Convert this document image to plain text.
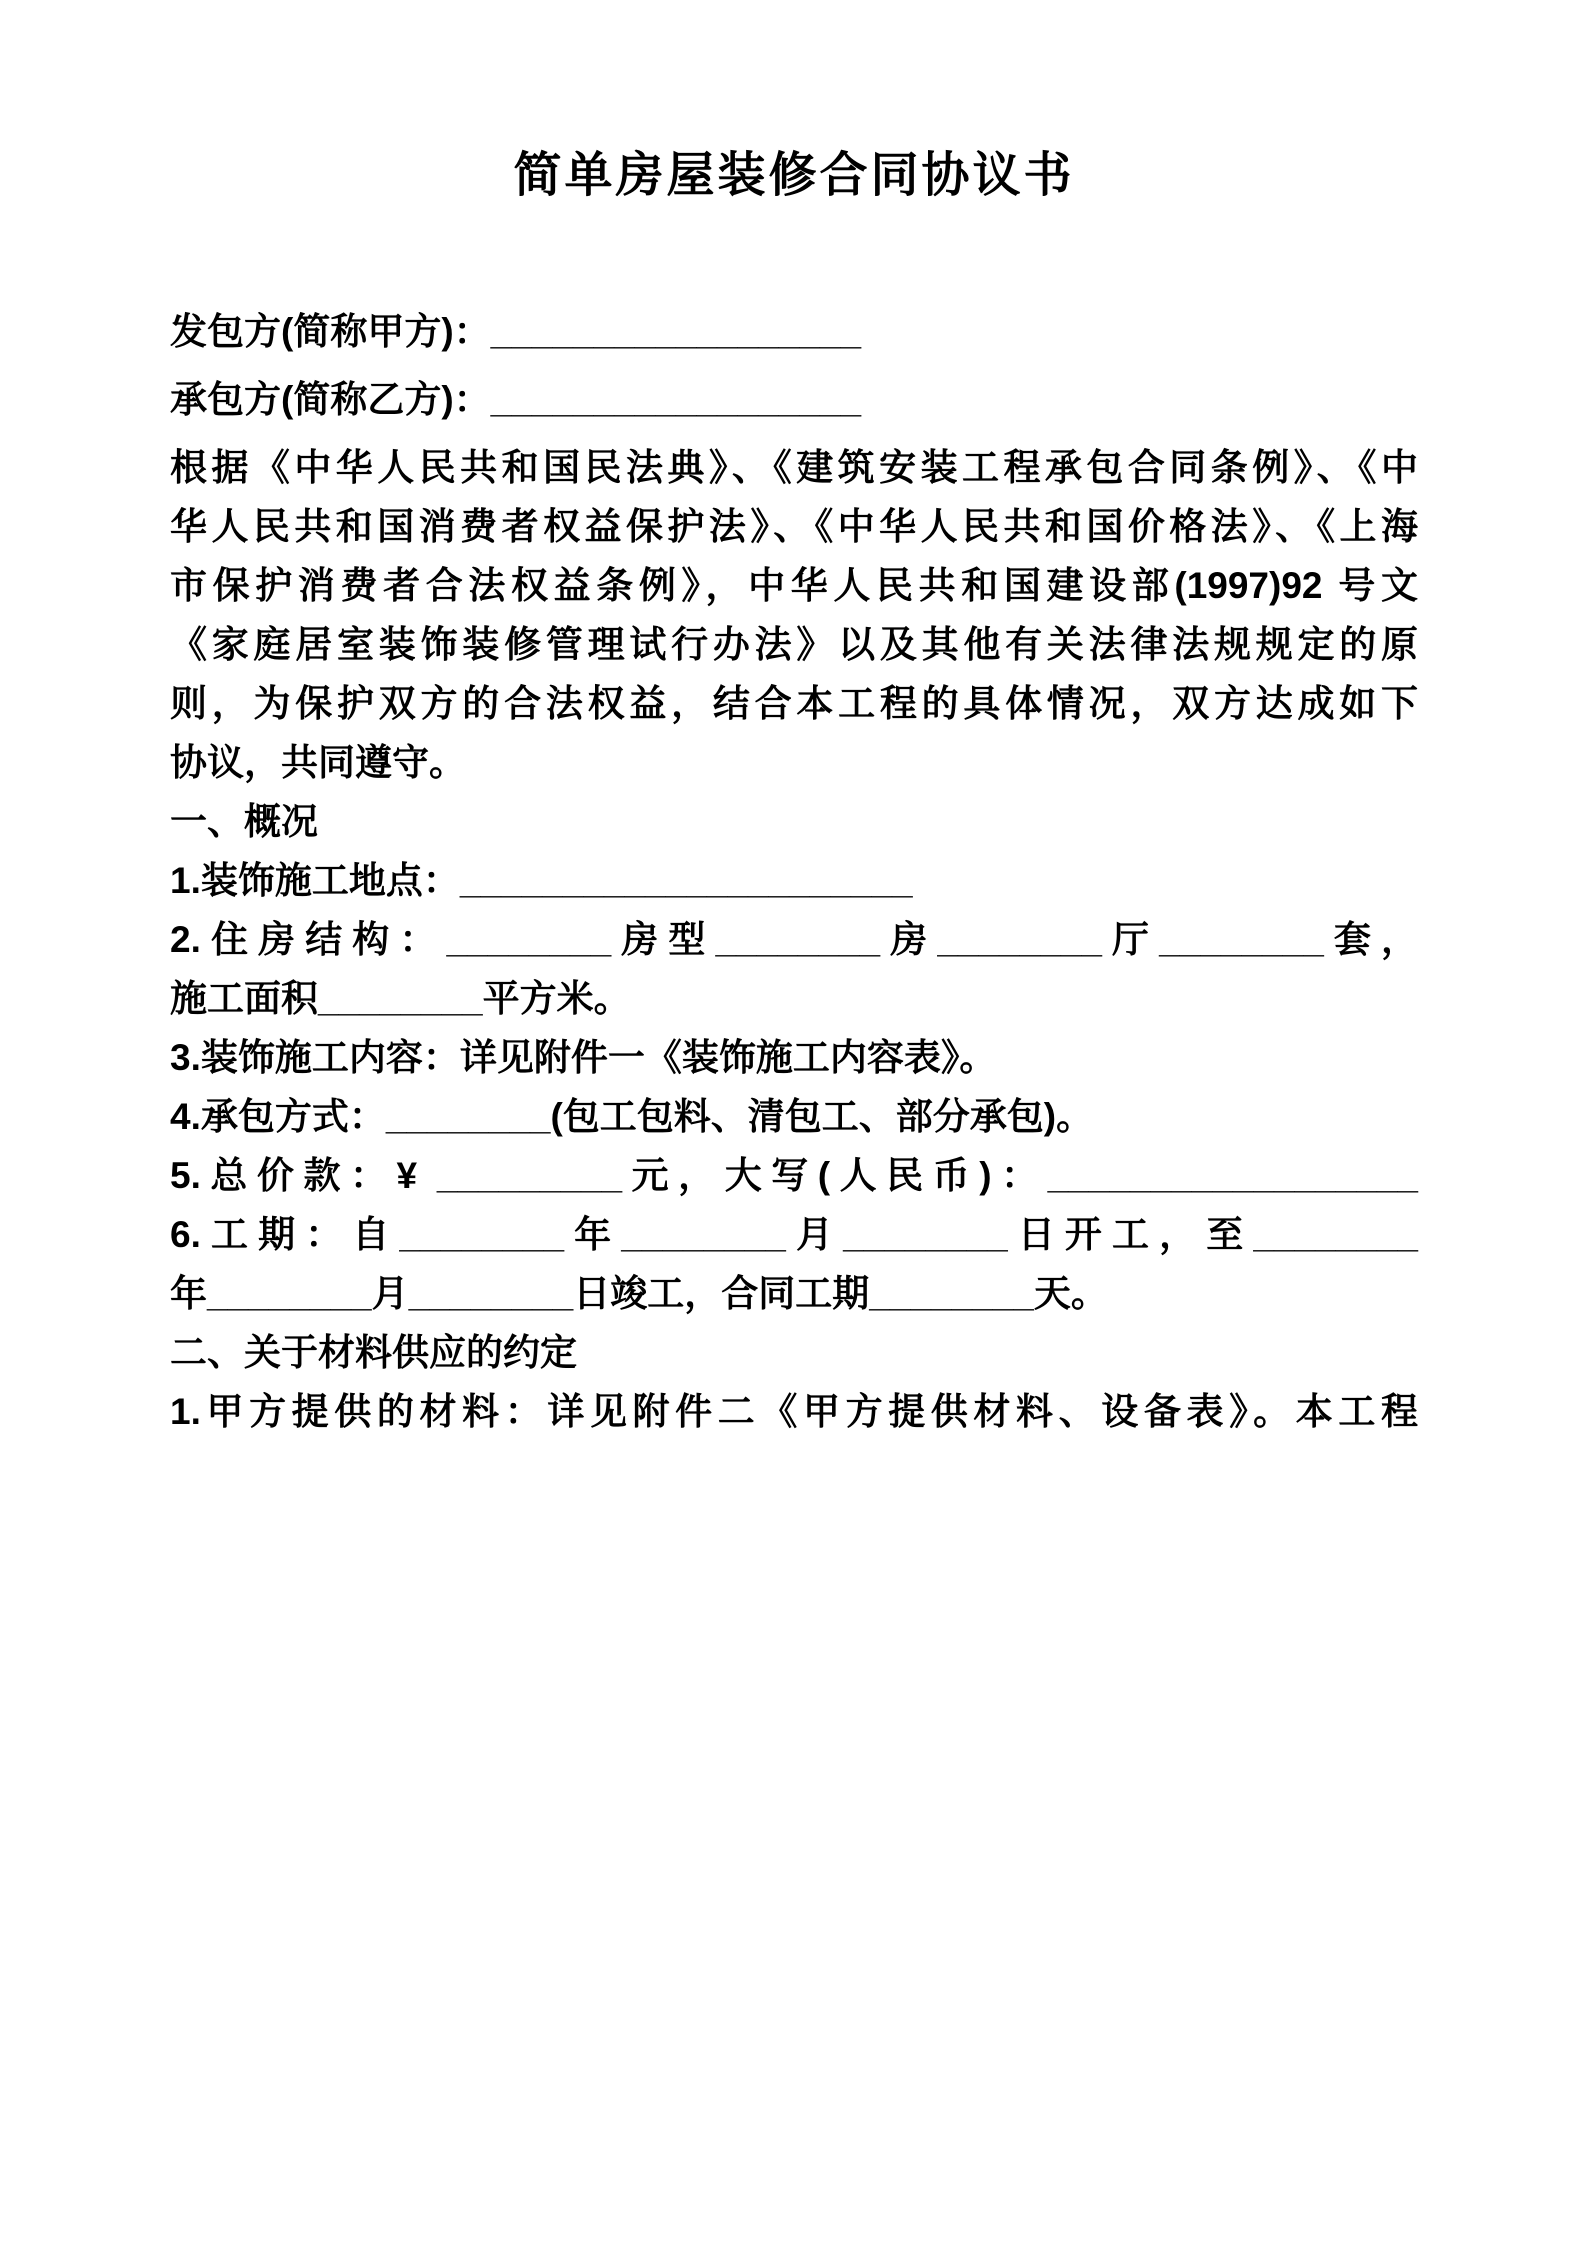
简单房屋装修合同协议书
发包方(简称甲方)：__________________
承包方(简称乙方)：__________________
根据《中华人民共和国民法典》、《建筑安装工程承包合同条例》、《中
华人民共和国消费者权益保护法》、《中华人民共和国价格法》、《上海
市保护消费者合法权益条例》，中华人民共和国建设部(1997)92 号文
《家庭居室装饰装修管理试行办法》以及其他有关法律法规规定的原
则，为保护双方的合法权益，结合本工程的具体情况，双方达成如下
协议，共同遵守。
一、概况
1.装饰施工地点：______________________
2.住房结构：________房型________房________厅________套，
施工面积________平方米。
3.装饰施工内容：详见附件一《装饰施工内容表》。
4.承包方式：________(包工包料、清包工、部分承包)。
5.总价款：¥ _________元，大写(人民币)：__________________
6.工期：自________年________月________日开工，至________
年________月________日竣工，合同工期________天。
二、关于材料供应的约定
1.甲方提供的材料：详见附件二《甲方提供材料、设备表》。本工程
